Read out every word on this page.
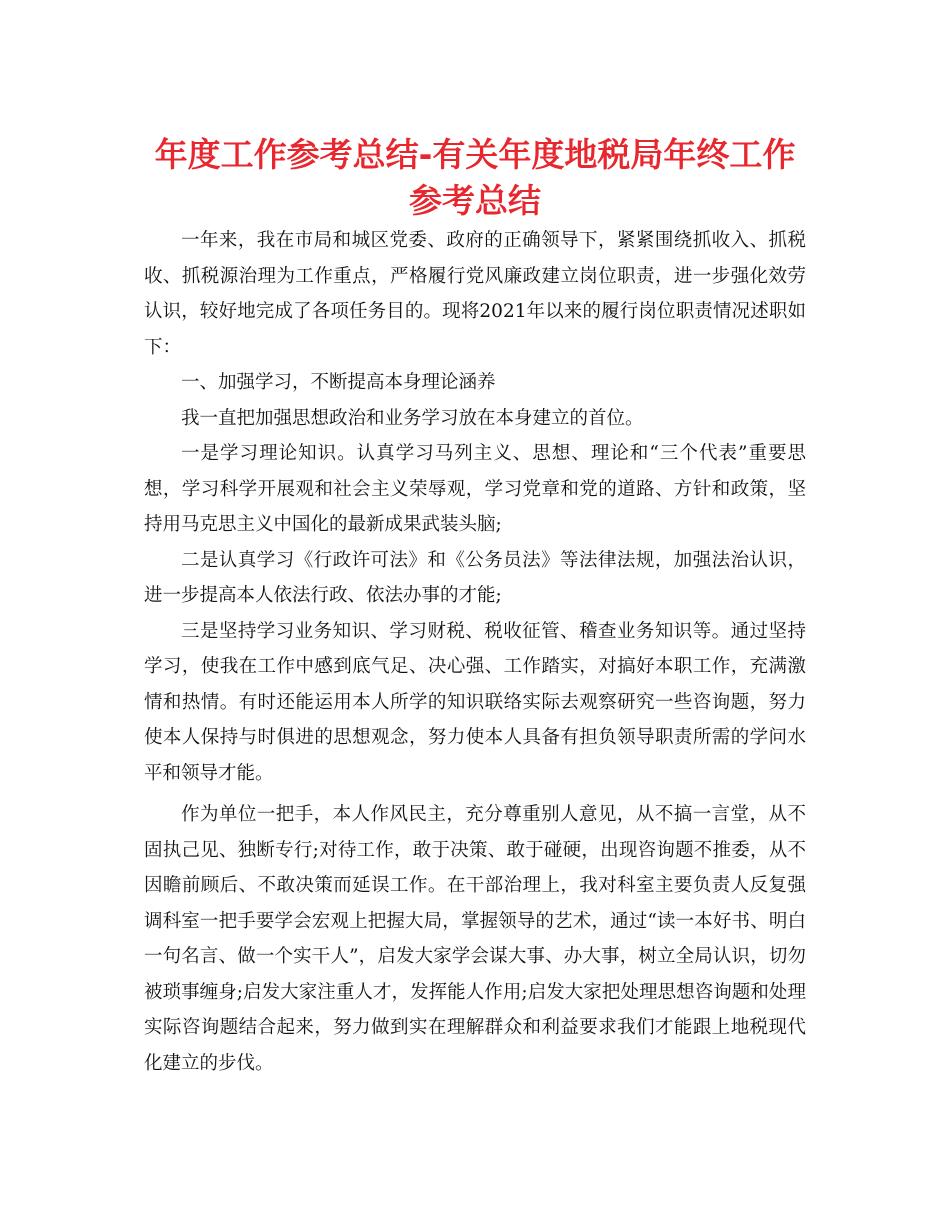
年度工作参考总结-有关年度地税局年终工作参考总结

一年来，我在市局和城区党委、政府的正确领导下，紧紧围绕抓收入、抓税收、抓税源治理为工作重点，严格履行党风廉政建立岗位职责，进一步强化效劳认识，较好地完成了各项任务目的。现将2021年以来的履行岗位职责情况述职如下：

一、加强学习，不断提高本身理论涵养

我一直把加强思想政治和业务学习放在本身建立的首位。

一是学习理论知识。认真学习马列主义、思想、理论和“三个代表”重要思想，学习科学开展观和社会主义荣辱观，学习党章和党的道路、方针和政策，坚持用马克思主义中国化的最新成果武装头脑;

二是认真学习《行政许可法》和《公务员法》等法律法规，加强法治认识，进一步提高本人依法行政、依法办事的才能;

三是坚持学习业务知识、学习财税、税收征管、稽查业务知识等。通过坚持学习，使我在工作中感到底气足、决心强、工作踏实，对搞好本职工作，充满激情和热情。有时还能运用本人所学的知识联络实际去观察研究一些咨询题，努力使本人保持与时俱进的思想观念，努力使本人具备有担负领导职责所需的学问水平和领导才能。

作为单位一把手，本人作风民主，充分尊重别人意见，从不搞一言堂，从不固执己见、独断专行;对待工作，敢于决策、敢于碰硬，出现咨询题不推委，从不因瞻前顾后、不敢决策而延误工作。在干部治理上，我对科室主要负责人反复强调科室一把手要学会宏观上把握大局，掌握领导的艺术，通过“读一本好书、明白一句名言、做一个实干人”，启发大家学会谋大事、办大事，树立全局认识，切勿被琐事缠身;启发大家注重人才，发挥能人作用;启发大家把处理思想咨询题和处理实际咨询题结合起来，努力做到实在理解群众和利益要求我们才能跟上地税现代化建立的步伐。
